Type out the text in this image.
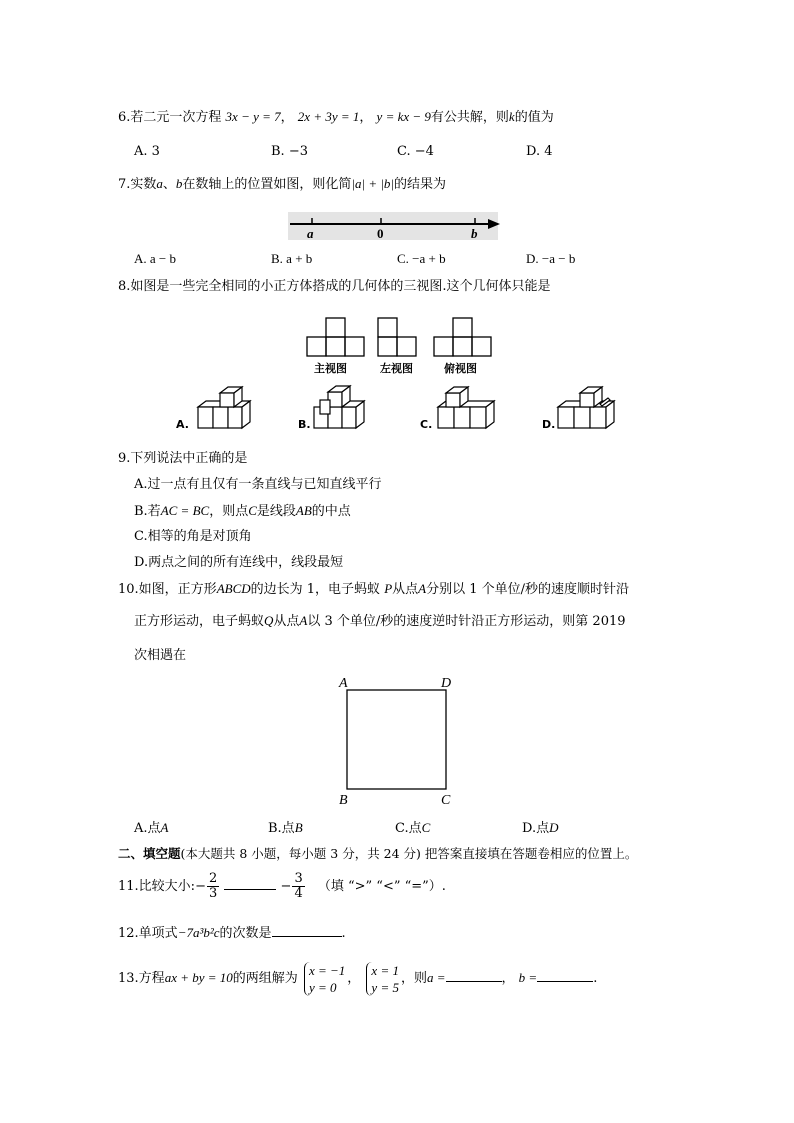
6.若二元一次方程 3x − y = 7， 2x + 3y = 1， y = kx − 9有公共解，则k的值为
A. 3	B. −3	C. −4	D. 4
7.实数a、b在数轴上的位置如图，则化简|a| + |b|的结果为
a	0	b
A. a − b	B. a + b	C. −a + b	D. −a − b
8.如图是一些完全相同的小正方体搭成的几何体的三视图.这个几何体只能是
主视图	左视图	俯视图
A.	B.	C.	D.
9.下列说法中正确的是
A.过一点有且仅有一条直线与已知直线平行
B.若AC = BC，则点C是线段AB的中点
C.相等的角是对顶角
D.两点之间的所有连线中，线段最短
10.如图，正方形ABCD的边长为 1，电子蚂蚁 P从点A分别以 1 个单位/秒的速度顺时针沿
正方形运动，电子蚂蚁Q从点A以 3 个单位/秒的速度逆时针沿正方形运动，则第 2019
次相遇在
A	D
B	C
A.点A	B.点B	C.点C	D.点D
二、填空题(本大题共 8 小题，每小题 3 分，共 24 分) 把答案直接填在答题卷相应的位置上。
11.比较大小:− $\frac{2}{3}$	− $\frac{3}{4}$ （填 “>” “<” “=”）.
12.单项式−7a³b²c的次数是	.
13.方程ax + by = 10的两组解为
x = −1
y = 0
，
x = 1
y = 5
，则a =	， b =	.
